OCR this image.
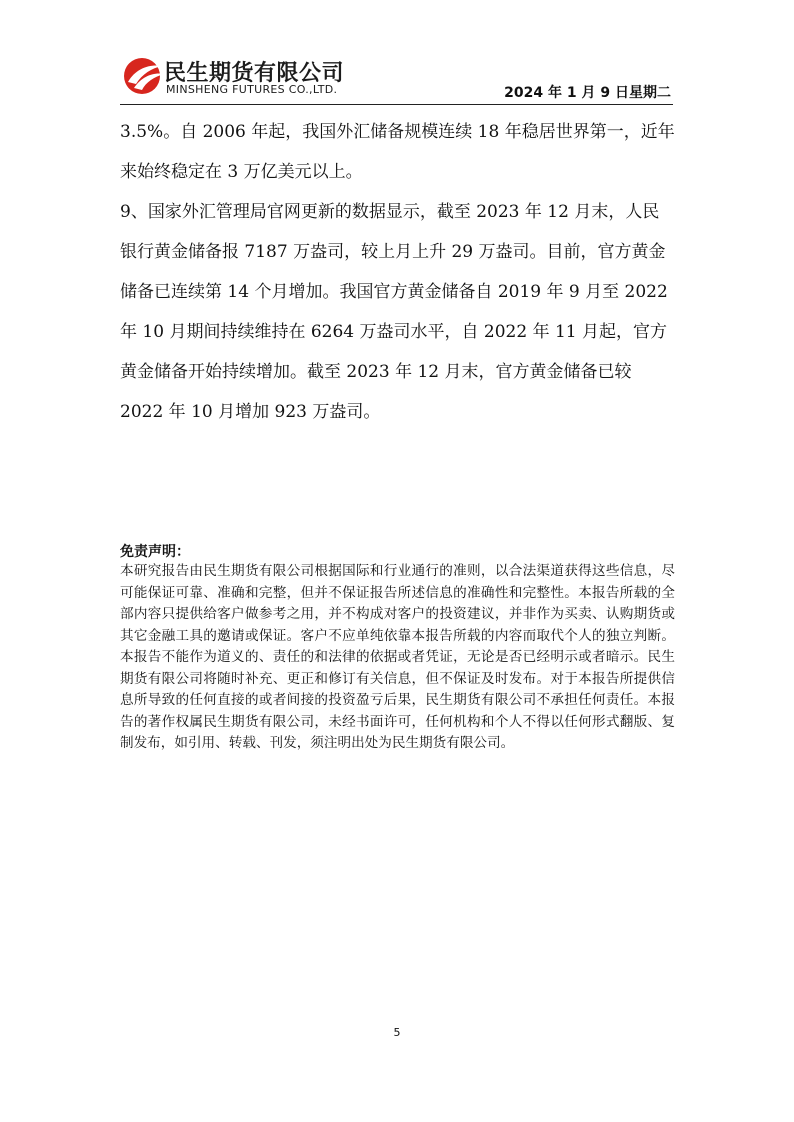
民生期货有限公司
MINSHENG FUTURES CO.,LTD.	2024 年 1 月 9 日星期二

3.5%。自 2006 年起，我国外汇储备规模连续 18 年稳居世界第一，近年来始终稳定在 3 万亿美元以上。

9、国家外汇管理局官网更新的数据显示，截至 2023 年 12 月末，人民银行黄金储备报 7187 万盎司，较上月上升 29 万盎司。目前，官方黄金储备已连续第 14 个月增加。我国官方黄金储备自 2019 年 9 月至 2022 年 10 月期间持续维持在 6264 万盎司水平，自 2022 年 11 月起，官方黄金储备开始持续增加。截至 2023 年 12 月末，官方黄金储备已较 2022 年 10 月增加 923 万盎司。

免责声明：

本研究报告由民生期货有限公司根据国际和行业通行的准则，以合法渠道获得这些信息，尽可能保证可靠、准确和完整，但并不保证报告所述信息的准确性和完整性。本报告所载的全部内容只提供给客户做参考之用，并不构成对客户的投资建议，并非作为买卖、认购期货或其它金融工具的邀请或保证。客户不应单纯依靠本报告所载的内容而取代个人的独立判断。本报告不能作为道义的、责任的和法律的依据或者凭证，无论是否已经明示或者暗示。民生期货有限公司将随时补充、更正和修订有关信息，但不保证及时发布。对于本报告所提供信息所导致的任何直接的或者间接的投资盈亏后果，民生期货有限公司不承担任何责任。本报告的著作权属民生期货有限公司，未经书面许可，任何机构和个人不得以任何形式翻版、复制发布，如引用、转载、刊发，须注明出处为民生期货有限公司。

5
